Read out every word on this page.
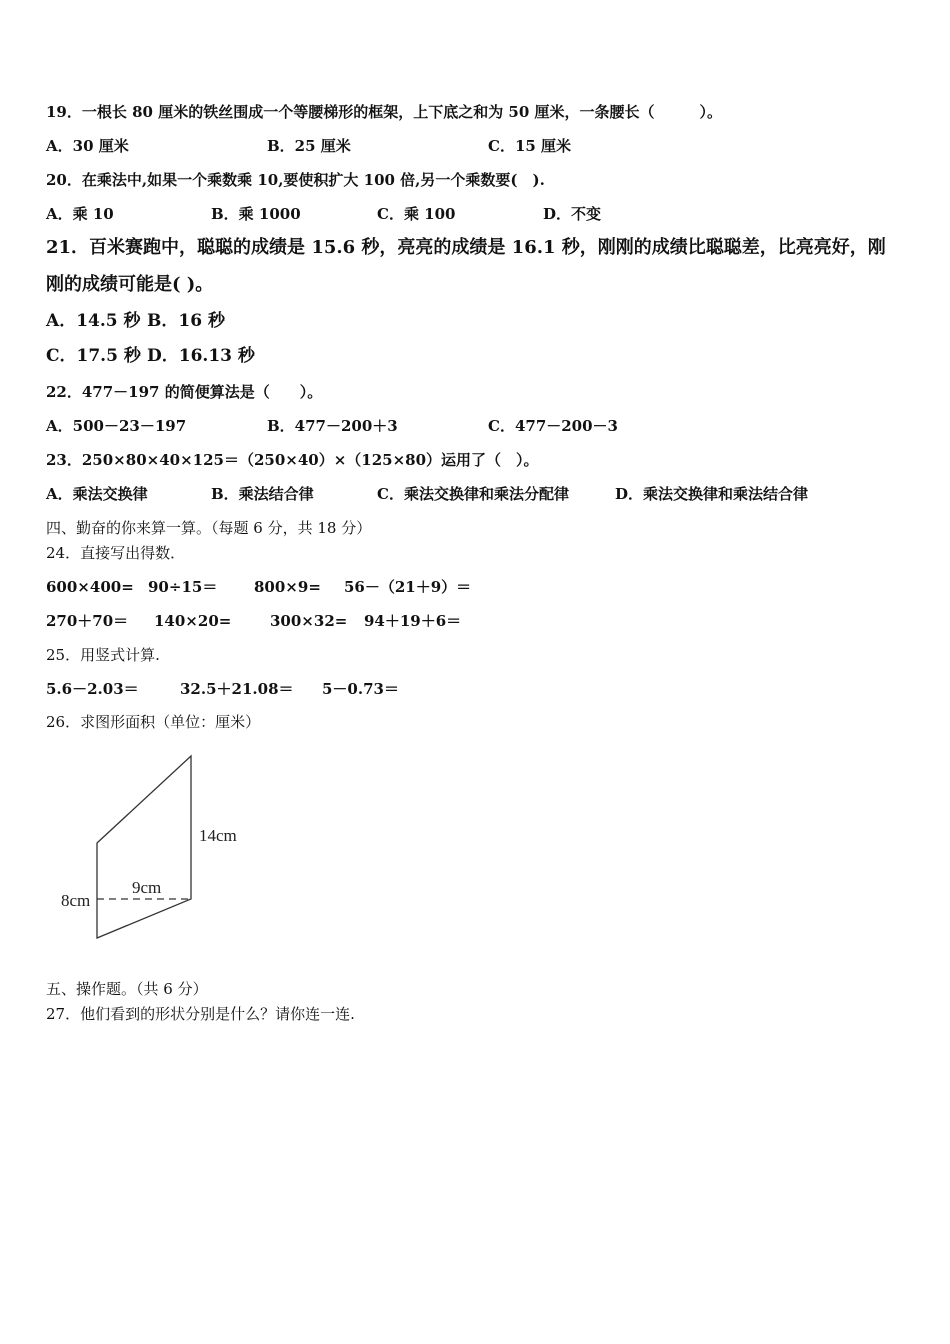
19．一根长 80 厘米的铁丝围成一个等腰梯形的框架，上下底之和为 50 厘米，一条腰长（　　　）。
A．30 厘米	B．25 厘米	C．15 厘米
20．在乘法中,如果一个乘数乘 10,要使积扩大 100 倍,另一个乘数要(　).
A．乘 10	B．乘 1000	C．乘 100	D．不变
21．百米赛跑中，聪聪的成绩是 15.6 秒，亮亮的成绩是 16.1 秒，刚刚的成绩比聪聪差，比亮亮好，刚
刚的成绩可能是( )。
A．14.5 秒 B．16 秒
C．17.5 秒 D．16.13 秒
22．477－197 的简便算法是（　　）。
A．500－23－197	B．477－200＋3	C．477－200－3
23．250×80×40×125＝（250×40）×（125×80）运用了（　）。
A．乘法交换律	B．乘法结合律	C．乘法交换律和乘法分配律	D．乘法交换律和乘法结合律
四、勤奋的你来算一算。（每题 6 分，共 18 分）
24．直接写出得数．
600×400= 90÷15＝ 800×9= 56－（21＋9）＝
270＋70＝ 140×20=	300×32= 94＋19＋6＝
25．用竖式计算.
5.6－2.03＝	32.5＋21.08＝ 5－0.73＝
26．求图形面积（单位：厘米）
14cm
9cm
8cm
五、操作题。（共 6 分）
27．他们看到的形状分别是什么？请你连一连.
